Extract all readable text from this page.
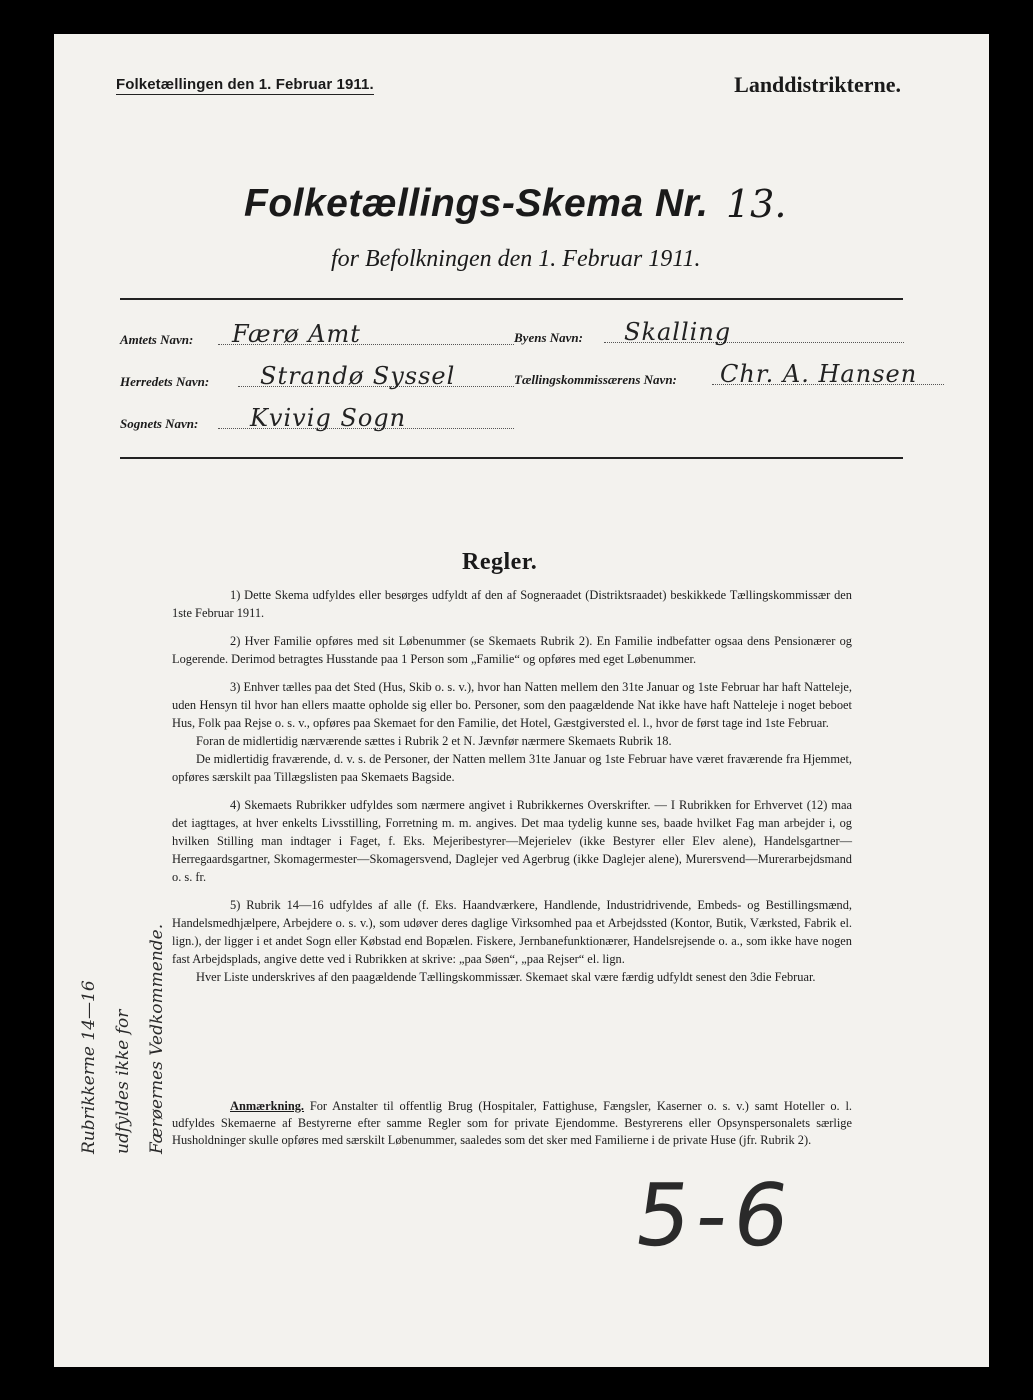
Folketællingen den 1. Februar 1911.	Landdistrikterne.
Folketællings-Skema Nr. 13.
for Befolkningen den 1. Februar 1911.
Amtets Navn: Færø Amt
Herredets Navn: Strandø Syssel
Sognets Navn: Kvivig Sogn
Byens Navn: Skalling
Tællingskommissærens Navn: Chr. A. Hansen
Regler.

1) Dette Skema udfyldes eller besørges udfyldt af den af Sogneraadet (Distriktsraadet) beskikkede Tællingskommissær den 1ste Februar 1911.

2) Hver Familie opføres med sit Løbenummer (se Skemaets Rubrik 2). En Familie indbefatter ogsaa dens Pensionærer og Logerende. Derimod betragtes Husstande paa 1 Person som „Familie“ og opføres med eget Løbenummer.

3) Enhver tælles paa det Sted (Hus, Skib o. s. v.), hvor han Natten mellem den 31te Januar og 1ste Februar har haft Natteleje, uden Hensyn til hvor han ellers maatte opholde sig eller bo. Personer, som den paagældende Nat ikke have haft Natteleje i noget beboet Hus, Folk paa Rejse o. s. v., opføres paa Skemaet for den Familie, det Hotel, Gæstgiversted el. l., hvor de først tage ind 1ste Februar.

Foran de midlertidig nærværende sættes i Rubrik 2 et N. Jævnfør nærmere Skemaets Rubrik 18.

De midlertidig fraværende, d. v. s. de Personer, der Natten mellem 31te Januar og 1ste Februar have været fraværende fra Hjemmet, opføres særskilt paa Tillægslisten paa Skemaets Bagside.

4) Skemaets Rubrikker udfyldes som nærmere angivet i Rubrikkernes Overskrifter. — I Rubrikken for Erhvervet (12) maa det iagttages, at hver enkelts Livsstilling, Forretning m. m. angives. Det maa tydelig kunne ses, baade hvilket Fag man arbejder i, og hvilken Stilling man indtager i Faget, f. Eks. Mejeribestyrer—Mejerielev (ikke Bestyrer eller Elev alene), Handelsgartner—Herregaardsgartner, Skomagermester—Skomagersvend, Daglejer ved Agerbrug (ikke Daglejer alene), Murersvend—Murerarbejdsmand o. s. fr.

5) Rubrik 14—16 udfyldes af alle (f. Eks. Haandværkere, Handlende, Industridrivende, Embeds- og Bestillingsmænd, Handelsmedhjælpere, Arbejdere o. s. v.), som udøver deres daglige Virksomhed paa et Arbejdssted (Kontor, Butik, Værksted, Fabrik el. lign.), der ligger i et andet Sogn eller Købstad end Bopælen. Fiskere, Jernbanefunktionærer, Handelsrejsende o. a., som ikke have nogen fast Arbejdsplads, angive dette ved i Rubrikken at skrive: „paa Søen“, „paa Rejser“ el. lign.

Hver Liste underskrives af den paagældende Tællingskommissær. Skemaet skal være færdig udfyldt senest den 3die Februar.

Anmærkning. For Anstalter til offentlig Brug (Hospitaler, Fattighuse, Fængsler, Kaserner o. s. v.) samt Hoteller o. l. udfyldes Skemaerne af Bestyrerne efter samme Regler som for private Ejendomme. Bestyrerens eller Opsynspersonalets særlige Husholdninger skulle opføres med særskilt Løbenummer, saaledes som det sker med Familierne i de private Huse (jfr. Rubrik 2).

Rubrikkerne 14—16 udfyldes ikke for Færøernes Vedkommende.
5-6
